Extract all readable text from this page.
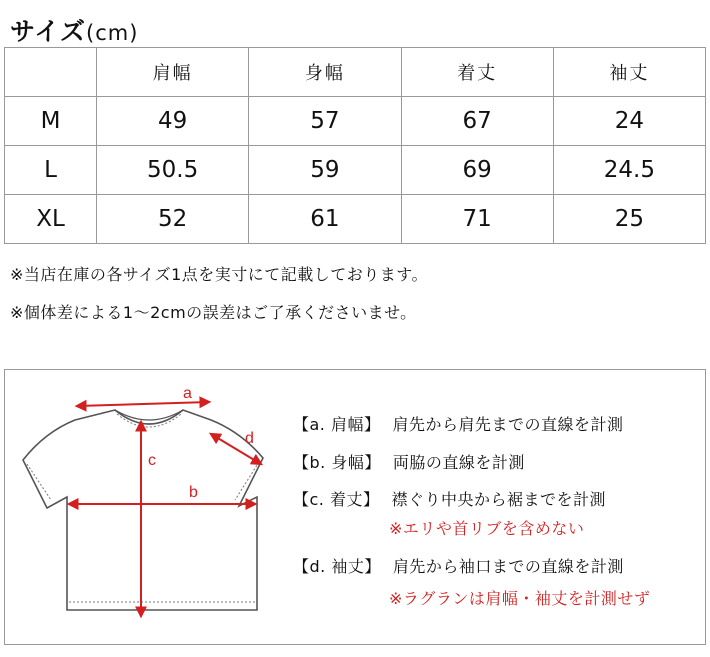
サイズ(cm)
	肩幅	身幅	着丈	袖丈
M	49	57	67	24
L	50.5	59	69	24.5
XL	52	61	71	25
※当店在庫の各サイズ1点を実寸にて記載しております。
※個体差による1〜2cmの誤差はご了承くださいませ。
a
b
c
d
【a. 肩幅】 肩先から肩先までの直線を計測
【b. 身幅】 両脇の直線を計測
【c. 着丈】 襟ぐり中央から裾までを計測
※エリや首リブを含めない
【d. 袖丈】 肩先から袖口までの直線を計測
※ラグランは肩幅・袖丈を計測せず
